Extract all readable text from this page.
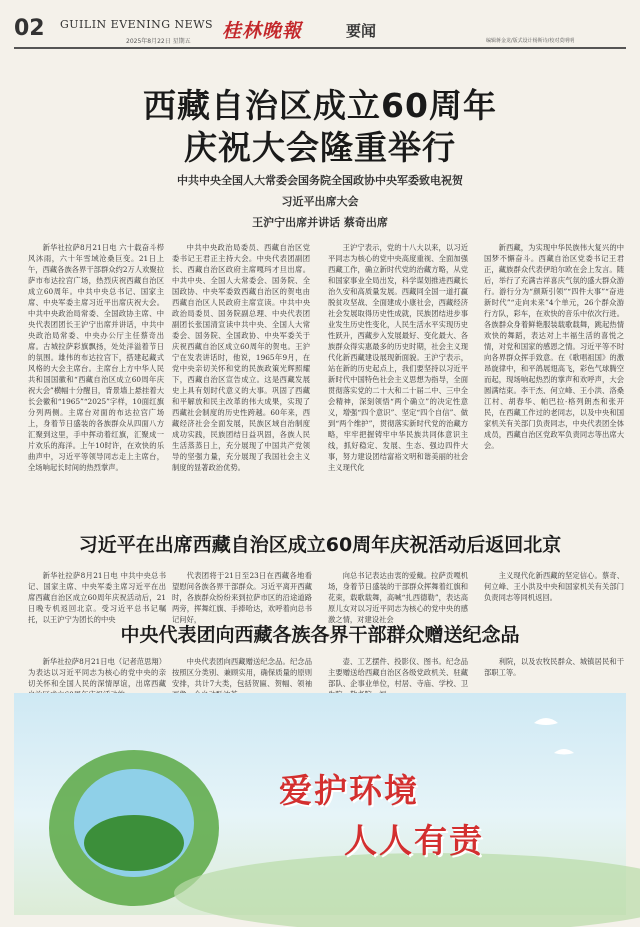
02 GUILIN EVENING NEWS
2025年8月22日 星期五 桂林晚報	要闻
编辑蒋金龙/版式设计杨斯诗/校对莫明明
西藏自治区成立60周年
庆祝大会隆重举行
中共中央全国人大常委会国务院全国政协中央军委致电祝贺
习近平出席大会
王沪宁出席并讲话 蔡奇出席

新华社拉萨8月21日电 六十载奋斗栉风沐雨，六十年雪域沧桑巨变。21日上午，西藏各族各界干部群众约2万人欢聚拉萨市布达拉宫广场，热烈庆祝西藏自治区成立60周年。中共中央总书记、国家主席、中央军委主席习近平出席庆祝大会。中共中央政治局常委、全国政协主席、中央代表团团长王沪宁出席并讲话，中共中央政治局常委、中央办公厅主任蔡奇出席。古城拉萨彩旗飘扬，处处洋溢着节日的氛围。雄伟的布达拉宫下，搭建起藏式风格的大会主席台。主席台上方中华人民共和国国徽和“西藏自治区成立60周年庆祝大会”横幅十分醒目，背景墙上悬挂着大长会徽和“1965”“2025”字样，10面红旗分列两侧。主席台对面的布达拉宫广场上，身着节日盛装的各族群众从四面八方汇聚到这里，手中挥动着红旗，汇聚成一片欢乐的海洋。上午10时许，在欢快的乐曲声中，习近平等领导同志走上主席台，全场响起长时间的热烈掌声。

中共中央政治局委员、西藏自治区党委书记王君正主持大会。中央代表团副团长、西藏自治区政府主席嘎玛才旦出席。中共中央、全国人大常委会、国务院、全国政协、中央军委致西藏自治区的贺电由西藏自治区人民政府主席宣读。中共中央政治局委员、国务院副总理、中央代表团副团长张国清宣读中共中央、全国人大常委会、国务院、全国政协、中央军委关于庆祝西藏自治区成立60周年的贺电。王沪宁在发表讲话时，他说，1965年9月，在党中央亲切关怀和党的民族政策光辉照耀下，西藏自治区宣告成立。这是西藏发展史上具有划时代意义的大事。巩固了西藏和平解放和民主改革的伟大成果，实现了西藏社会制度的历史性跨越。60年来，西藏经济社会全面发展，民族区域自治制度成功实践，民族团结日益巩固，各族人民生活蒸蒸日上，充分展现了中国共产党领导的坚强力量，充分展现了我国社会主义制度的显著政治优势。

王沪宁表示，党的十八大以来，以习近平同志为核心的党中央高度重视、全面加强西藏工作，确立新时代党的治藏方略，从党和国家事业全局出发，科学谋划推进西藏长治久安和高质量发展。西藏同全国一道打赢脱贫攻坚战、全面建成小康社会，西藏经济社会发展取得历史性成就，民族团结进步事业发生历史性变化，人民生活水平实现历史性跃升，西藏步入发展最好、变化最大、各族群众得实惠最多的历史时期，社会主义现代化新西藏建设展现新面貌。王沪宁表示，站在新的历史起点上，我们要坚持以习近平新时代中国特色社会主义思想为指导，全面贯彻落实党的二十大和二十届二中、三中全会精神，深刻领悟“两个确立”的决定性意义，增强“四个意识”、坚定“四个自信”、做到“两个维护”，贯彻落实新时代党的治藏方略，牢牢把握铸牢中华民族共同体意识主线，抓好稳定、发展、生态、强边四件大事，努力建设团结富裕文明和谐美丽的社会主义现代化

新西藏，为实现中华民族伟大复兴的中国梦不懈奋斗。西藏自治区党委书记王君正，藏族群众代表伊珀尔欧在会上发言。随后，举行了充满吉祥喜庆气氛的盛大群众游行。游行分为“颜斯引领”“四件大事”“奋进新时代”“走向未来”4个单元，26个群众游行方队，彩车，在欢快的音乐中依次行进。各族群众身着鲜艳服装载歌载舞，跳起热情欢快的舞蹈，表达对上丰福生活的喜悦之情，对党和国家的感恩之情。习近平等不时向各界群众挥手致意。在《歌唱祖国》的激昂旋律中，和平鸽展翅高飞，彩色气球腾空而起，现场响起热烈的掌声和欢呼声，大会圆满结束。李干杰、何立峰、王小洪、洛桑江村、胡春华、帕巴拉·格列朗杰和张开民，在西藏工作过的老同志，以及中央和国家机关有关部门负责同志，中央代表团全体成员，西藏自治区党政军负责同志等出席大会。

习近平在出席西藏自治区成立60周年庆祝活动后返回北京

新华社拉萨8月21日电 中共中央总书记、国家主席、中央军委主席习近平在出席西藏自治区成立60周年庆祝活动后，21日晚专机返回北京。受习近平总书记嘱托，以王沪宁为团长的中央

代表团将于21日至23日在西藏各地看望慰问各族各界干部群众。习近平离开西藏时，各族群众纷纷来到拉萨市区的沿途道路两旁，挥舞红旗、手捧哈达，欢呼着向总书记问好，

向总书记表达由衷的爱戴。拉萨贡嘎机场，身着节日盛装的干部群众挥舞着红旗和花束，载歌载舞，高喊“扎西德勒”，表达高原儿女对以习近平同志为核心的党中央的感激之情，对建设社会

主义现代化新西藏的坚定信心。蔡奇、何立峰、王小洪及中央和国家机关有关部门负责同志等同机返回。

中央代表团向西藏各族各界干部群众赠送纪念品

新华社拉萨8月21日电（记者范思翔）为表达以习近平同志为核心的党中央的亲切关怀和全国人民的深情厚谊，出席西藏

中央代表团向西藏赠送纪念品。纪念品按照区分类别、兼顾实用，确保质量的原则安排，共计7大类，包括贺匾、贺幅、领袖

壶、工艺摆件、投影仪、图书。纪念品主要赠送给西藏自治区各级党政机关、驻藏部队、企事业单位，村居、寺庙、学校、卫

利院，以及农牧民群众、城镇居民和干部职工等。

爱护环境
人人有责
